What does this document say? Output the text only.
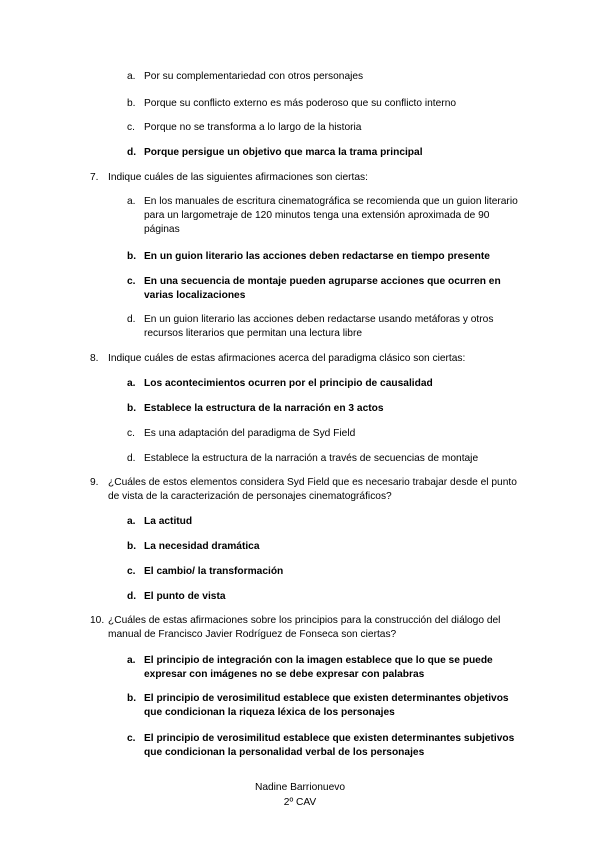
a. Por su complementariedad con otros personajes
b. Porque su conflicto externo es más poderoso que su conflicto interno
c. Porque no se transforma a lo largo de la historia
d. Porque persigue un objetivo que marca la trama principal
7. Indique cuáles de las siguientes afirmaciones son ciertas:
a. En los manuales de escritura cinematográfica se recomienda que un guion literario para un largometraje de 120 minutos tenga una extensión aproximada de 90 páginas
b. En un guion literario las acciones deben redactarse en tiempo presente
c. En una secuencia de montaje pueden agruparse acciones que ocurren en varias localizaciones
d. En un guion literario las acciones deben redactarse usando metáforas y otros recursos literarios que permitan una lectura libre
8. Indique cuáles de estas afirmaciones acerca del paradigma clásico son ciertas:
a. Los acontecimientos ocurren por el principio de causalidad
b. Establece la estructura de la narración en 3 actos
c. Es una adaptación del paradigma de Syd Field
d. Establece la estructura de la narración a través de secuencias de montaje
9. ¿Cuáles de estos elementos considera Syd Field que es necesario trabajar desde el punto de vista de la caracterización de personajes cinematográficos?
a. La actitud
b. La necesidad dramática
c. El cambio/ la transformación
d. El punto de vista
10. ¿Cuáles de estas afirmaciones sobre los principios para la construcción del diálogo del manual de Francisco Javier Rodríguez de Fonseca son ciertas?
a. El principio de integración con la imagen establece que lo que se puede expresar con imágenes no se debe expresar con palabras
b. El principio de verosimilitud establece que existen determinantes objetivos que condicionan la riqueza léxica de los personajes
c. El principio de verosimilitud establece que existen determinantes subjetivos que condicionan la personalidad verbal de los personajes
Nadine Barrionuevo
2º CAV
